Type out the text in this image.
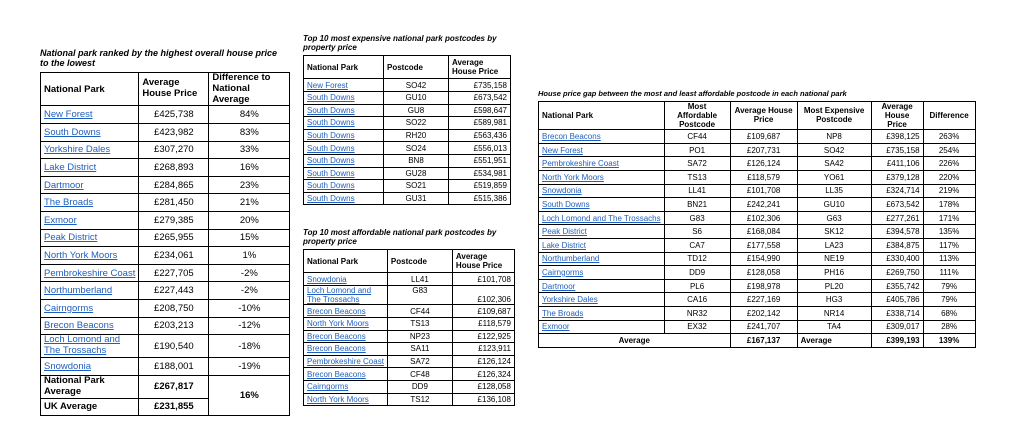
National park ranked by the highest overall house price to the lowest
National Park	Average House Price	Difference to National Average
New Forest	£425,738	84%
South Downs	£423,982	83%
Yorkshire Dales	£307,270	33%
Lake District	£268,893	16%
Dartmoor	£284,865	23%
The Broads	£281,450	21%
Exmoor	£279,385	20%
Peak District	£265,955	15%
North York Moors	£234,061	1%
Pembrokeshire Coast	£227,705	-2%
Northumberland	£227,443	-2%
Cairngorms	£208,750	-10%
Brecon Beacons	£203,213	-12%
Loch Lomond and The Trossachs	£190,540	-18%
Snowdonia	£188,001	-19%
National Park Average	£267,817	16%
UK Average	£231,855	
Top 10 most expensive national park postcodes by property price
National Park	Postcode	Average House Price
New Forest	SO42	£735,158
South Downs	GU10	£673,542
South Downs	GU8	£598,647
South Downs	SO22	£589,981
South Downs	RH20	£563,436
South Downs	SO24	£556,013
South Downs	BN8	£551,951
South Downs	GU28	£534,981
South Downs	SO21	£519,859
South Downs	GU31	£515,386
Top 10 most affordable national park postcodes by property price
National Park	Postcode	Average House Price
Snowdonia	LL41	£101,708
Loch Lomond and The Trossachs	G83	£102,306
Brecon Beacons	CF44	£109,687
North York Moors	TS13	£118,579
Brecon Beacons	NP23	£122,925
Brecon Beacons	SA11	£123,911
Pembrokeshire Coast	SA72	£126,124
Brecon Beacons	CF48	£126,324
Cairngorms	DD9	£128,058
North York Moors	TS12	£136,108
House price gap between the most and least affordable postcode in each national park
National Park	Most Affordable Postcode	Average House Price	Most Expensive Postcode	Average House Price	Difference
Brecon Beacons	CF44	£109,687	NP8	£398,125	263%
New Forest	PO1	£207,731	SO42	£735,158	254%
Pembrokeshire Coast	SA72	£126,124	SA42	£411,106	226%
North York Moors	TS13	£118,579	YO61	£379,128	220%
Snowdonia	LL41	£101,708	LL35	£324,714	219%
South Downs	BN21	£242,241	GU10	£673,542	178%
Loch Lomond and The Trossachs	G83	£102,306	G63	£277,261	171%
Peak District	S6	£168,084	SK12	£394,578	135%
Lake District	CA7	£177,558	LA23	£384,875	117%
Northumberland	TD12	£154,990	NE19	£330,400	113%
Cairngorms	DD9	£128,058	PH16	£269,750	111%
Dartmoor	PL6	£198,978	PL20	£355,742	79%
Yorkshire Dales	CA16	£227,169	HG3	£405,786	79%
The Broads	NR32	£202,142	NR14	£338,714	68%
Exmoor	EX32	£241,707	TA4	£309,017	28%
Average		£167,137	Average	£399,193	139%
